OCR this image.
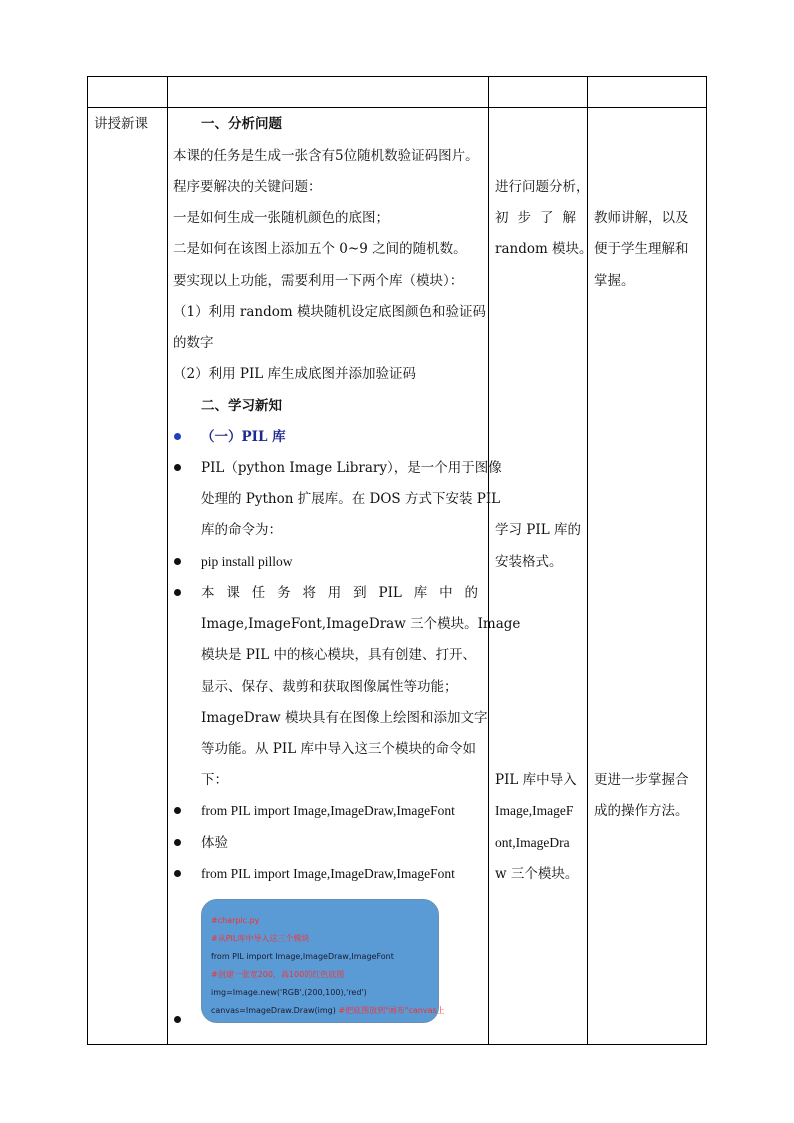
讲授新课	一、分析问题
本课的任务是生成一张含有5位随机数验证码图片。
程序要解决的关键问题：
一是如何生成一张随机颜色的底图；
二是如何在该图上添加五个 0~9 之间的随机数。
要实现以上功能，需要利用一下两个库（模块）：
（1）利用 random 模块随机设定底图颜色和验证码
的数字
（2）利用 PIL 库生成底图并添加验证码
二、学习新知
（一）PIL 库
PIL（python Image Library），是一个用于图像
处理的 Python 扩展库。在 DOS 方式下安装 PIL
库的命令为：
pip install pillow
本 课 任 务 将 用 到 PIL 库 中 的
Image,ImageFont,ImageDraw 三个模块。Image
模块是 PIL 中的核心模块，具有创建、打开、
显示、保存、裁剪和获取图像属性等功能；
ImageDraw 模块具有在图像上绘图和添加文字
等功能。从 PIL 库中导入这三个模块的命令如
下：
from PIL import Image,ImageDraw,ImageFont
体验
from PIL import Image,ImageDraw,ImageFont
#charpic.py
#从PIL库中导入这三个模块
from PIL import Image,ImageDraw,ImageFont
#创建一张宽200，高100的红色底图
img=Image.new('RGB',(200,100),'red')
canvas=ImageDraw.Draw(img) #把底图放到"画布"canvas上
进行问题分析，
初 步 了 解
random 模块。
学习 PIL 库的
安装格式。
PIL 库中导入
Image,ImageF
ont,ImageDra
w 三个模块。
教师讲解，以及
便于学生理解和
掌握。
更进一步掌握合
成的操作方法。
